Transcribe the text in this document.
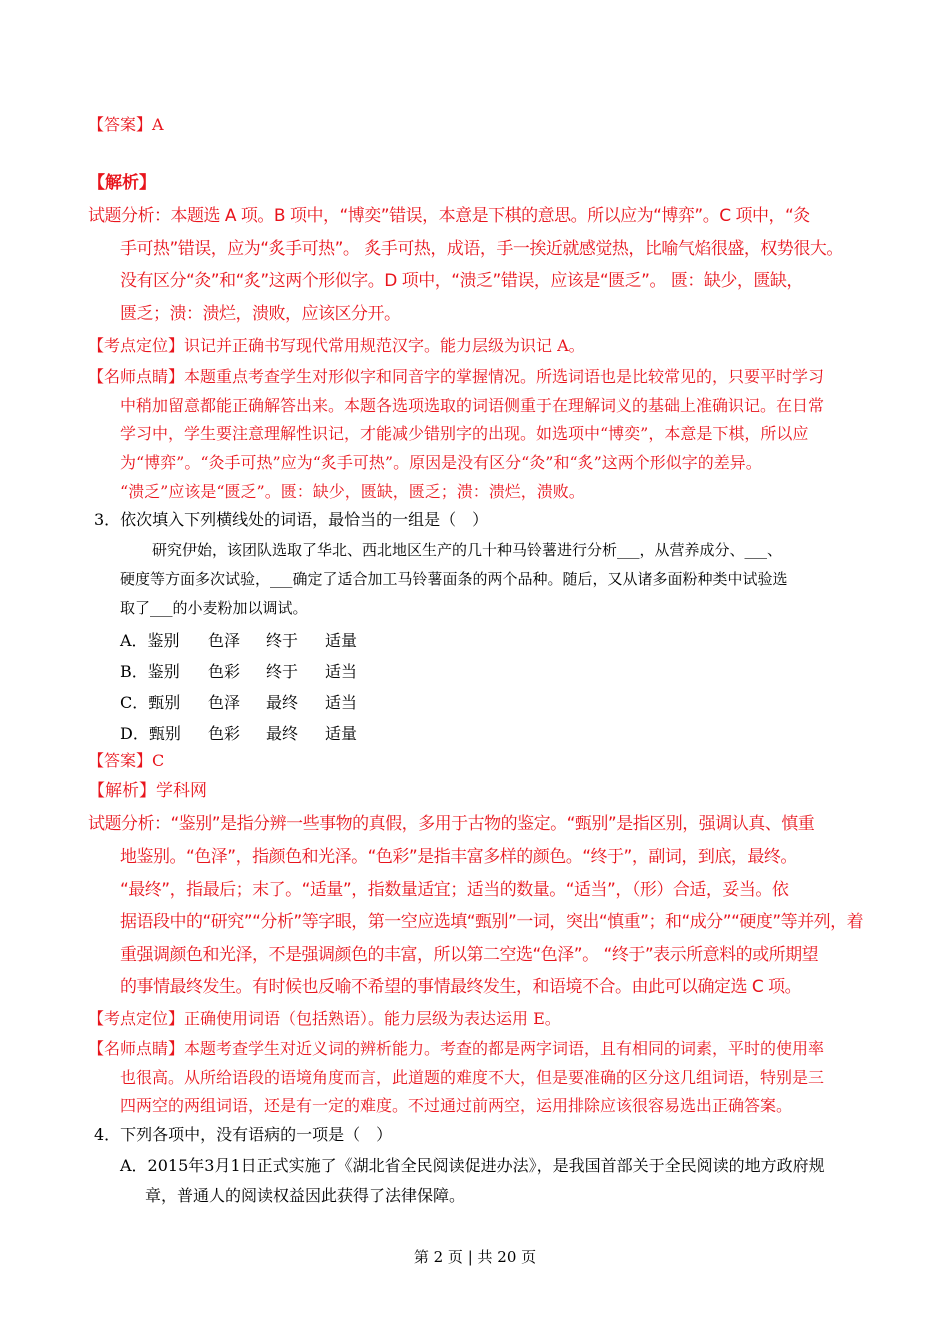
【答案】A
【解析】
试题分析：本题选 A 项。B 项中，“博奕”错误，本意是下棋的意思。所以应为“博弈”。C 项中，“灸
手可热”错误，应为“炙手可热”。 炙手可热，成语，手一挨近就感觉热，比喻气焰很盛，权势很大。
没有区分“灸”和“炙”这两个形似字。D 项中，“溃乏”错误，应该是“匮乏”。 匮：缺少，匮缺，
匮乏；溃：溃烂，溃败，应该区分开。
【考点定位】识记并正确书写现代常用规范汉字。能力层级为识记 A。
【名师点睛】本题重点考查学生对形似字和同音字的掌握情况。所选词语也是比较常见的，只要平时学习
中稍加留意都能正确解答出来。本题各选项选取的词语侧重于在理解词义的基础上准确识记。在日常
学习中，学生要注意理解性识记，才能减少错别字的出现。如选项中“博奕”，本意是下棋，所以应
为“博弈”。“灸手可热”应为“炙手可热”。原因是没有区分“灸”和“炙”这两个形似字的差异。
“溃乏”应该是“匮乏”。匮：缺少，匮缺，匮乏；溃：溃烂，溃败。
3．依次填入下列横线处的词语，最恰当的一组是（　）
研究伊始，该团队选取了华北、西北地区生产的几十种马铃薯进行分析___，从营养成分、___、
硬度等方面多次试验，___确定了适合加工马铃薯面条的两个品种。随后，又从诸多面粉种类中试验选
取了___的小麦粉加以调试。
A．鉴别 色泽 终于 适量
B．鉴别 色彩 终于 适当
C．甄别 色泽 最终 适当
D．甄别 色彩 最终 适量
【答案】C
【解析】学科网
试题分析：“鉴别”是指分辨一些事物的真假，多用于古物的鉴定。“甄别”是指区别，强调认真、慎重
地鉴别。“色泽”，指颜色和光泽。“色彩”是指丰富多样的颜色。“终于”，副词，到底，最终。
“最终”，指最后；末了。“适量”，指数量适宜；适当的数量。“适当”，（形）合适，妥当。依
据语段中的“研究”“分析”等字眼，第一空应选填“甄别”一词，突出“慎重”；和“成分”“硬度”等并列，着
重强调颜色和光泽，不是强调颜色的丰富，所以第二空选“色泽”。 “终于”表示所意料的或所期望
的事情最终发生。有时候也反喻不希望的事情最终发生，和语境不合。由此可以确定选 C 项。
【考点定位】正确使用词语（包括熟语）。能力层级为表达运用 E。
【名师点睛】本题考查学生对近义词的辨析能力。考查的都是两字词语，且有相同的词素，平时的使用率
也很高。从所给语段的语境角度而言，此道题的难度不大，但是要准确的区分这几组词语，特别是三
四两空的两组词语，还是有一定的难度。不过通过前两空，运用排除应该很容易选出正确答案。
4．下列各项中，没有语病的一项是（　）
A．2015年3月1日正式实施了《湖北省全民阅读促进办法》，是我国首部关于全民阅读的地方政府规
章，普通人的阅读权益因此获得了法律保障。
第 2 页 | 共 20 页
